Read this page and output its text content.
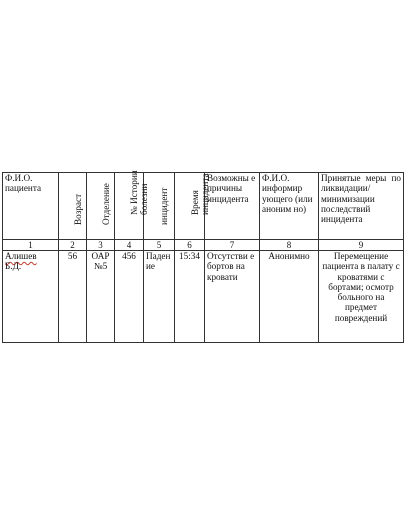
Ф.И.О. пациента	Возраст	Отделение	№ Истории болезни	инцидент	Время инцидента	Возможны е причины инцидента	Ф.И.О. информир ующего (или аноним но)	Принятые меры по ликвидации/ минимизации последствий инцидента
1	2	3	4	5	6	7	8	9
Алишев
Б.Д.	56	ОАР №5	456	Паден ие	15:34	Отсутстви е бортов на кровати	Анонимно	Перемещение пациента в палату с кроватями с бортами; осмотр больного на предмет повреждений
